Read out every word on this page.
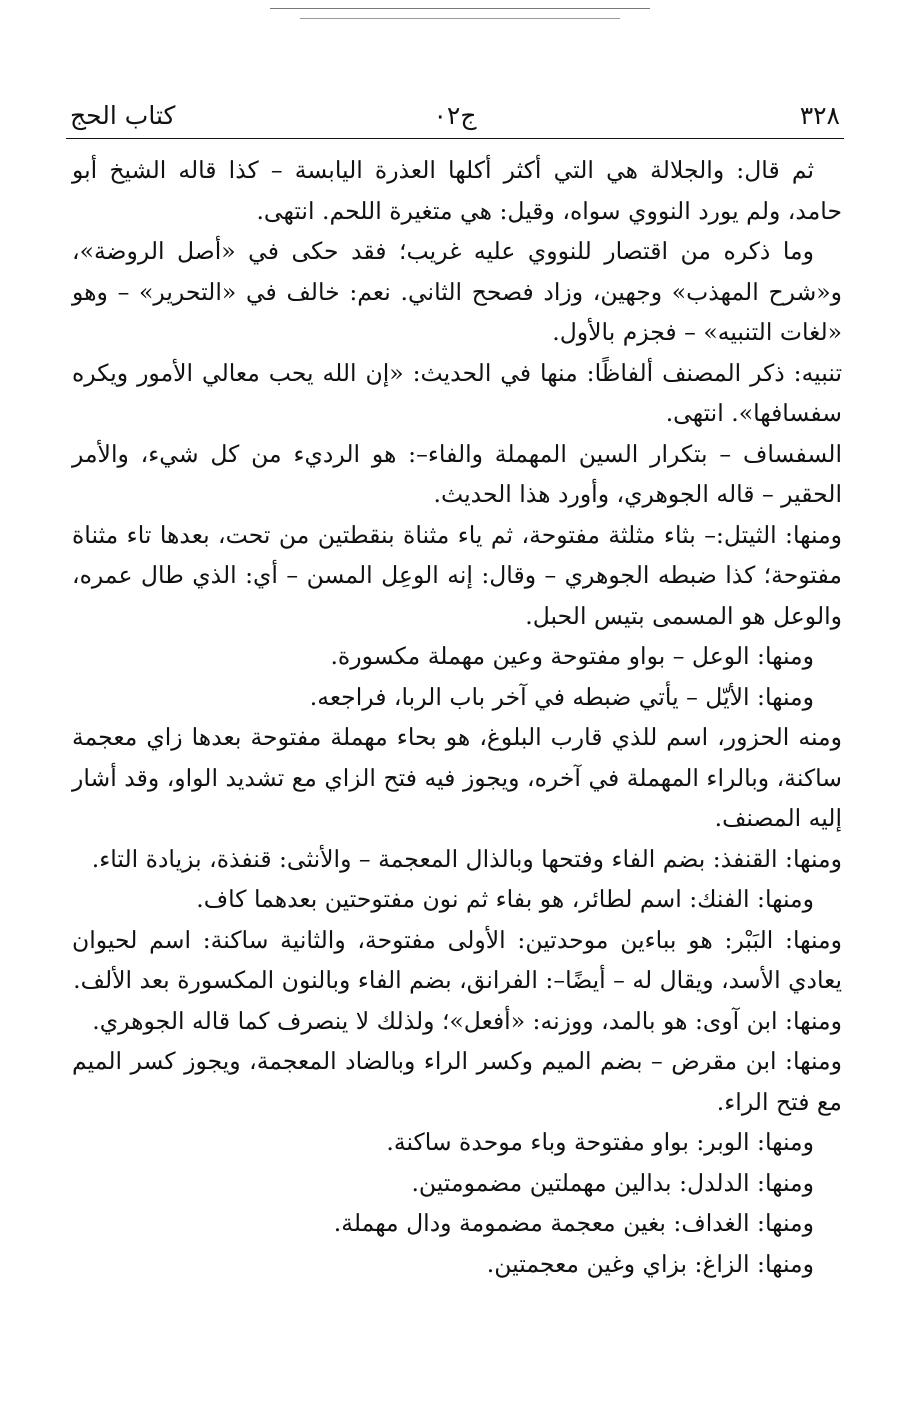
٣٢٨
ج٠٢
كتاب الحج

ثم قال: والجلالة هي التي أكثر أكلها العذرة اليابسة – كذا قاله الشيخ أبو حامد، ولم يورد النووي سواه، وقيل: هي متغيرة اللحم. انتهى.

وما ذكره من اقتصار للنووي عليه غريب؛ فقد حكى في «أصل الروضة»، و«شرح المهذب» وجهين، وزاد فصحح الثاني. نعم: خالف في «التحرير» – وهو «لغات التنبيه» – فجزم بالأول.

تنبيه: ذكر المصنف ألفاظًا: منها في الحديث: «إن الله يحب معالي الأمور ويكره سفسافها». انتهى.

السفساف – بتكرار السين المهملة والفاء–: هو الرديء من كل شيء، والأمر الحقير – قاله الجوهري، وأورد هذا الحديث.

ومنها: الثيتل:– بثاء مثلثة مفتوحة، ثم ياء مثناة بنقطتين من تحت، بعدها تاء مثناة مفتوحة؛ كذا ضبطه الجوهري – وقال: إنه الوعِل المسن – أي: الذي طال عمره، والوعل هو المسمى بتيس الحبل.

ومنها: الوعل – بواو مفتوحة وعين مهملة مكسورة.

ومنها: الأيّل – يأتي ضبطه في آخر باب الربا، فراجعه.

ومنه الحزور، اسم للذي قارب البلوغ، هو بحاء مهملة مفتوحة بعدها زاي معجمة ساكنة، وبالراء المهملة في آخره، ويجوز فيه فتح الزاي مع تشديد الواو، وقد أشار إليه المصنف.

ومنها: القنفذ: بضم الفاء وفتحها وبالذال المعجمة – والأنثى: قنفذة، بزيادة التاء.

ومنها: الفنك: اسم لطائر، هو بفاء ثم نون مفتوحتين بعدهما كاف.

ومنها: البَبْر: هو بباءين موحدتين: الأولى مفتوحة، والثانية ساكنة: اسم لحيوان يعادي الأسد، ويقال له – أيضًا–: الفرانق، بضم الفاء وبالنون المكسورة بعد الألف.

ومنها: ابن آوى: هو بالمد، ووزنه: «أفعل»؛ ولذلك لا ينصرف كما قاله الجوهري.

ومنها: ابن مقرض – بضم الميم وكسر الراء وبالضاد المعجمة، ويجوز كسر الميم مع فتح الراء.

ومنها: الوبر: بواو مفتوحة وباء موحدة ساكنة.

ومنها: الدلدل: بدالين مهملتين مضمومتين.

ومنها: الغداف: بغين معجمة مضمومة ودال مهملة.

ومنها: الزاغ: بزاي وغين معجمتين.
